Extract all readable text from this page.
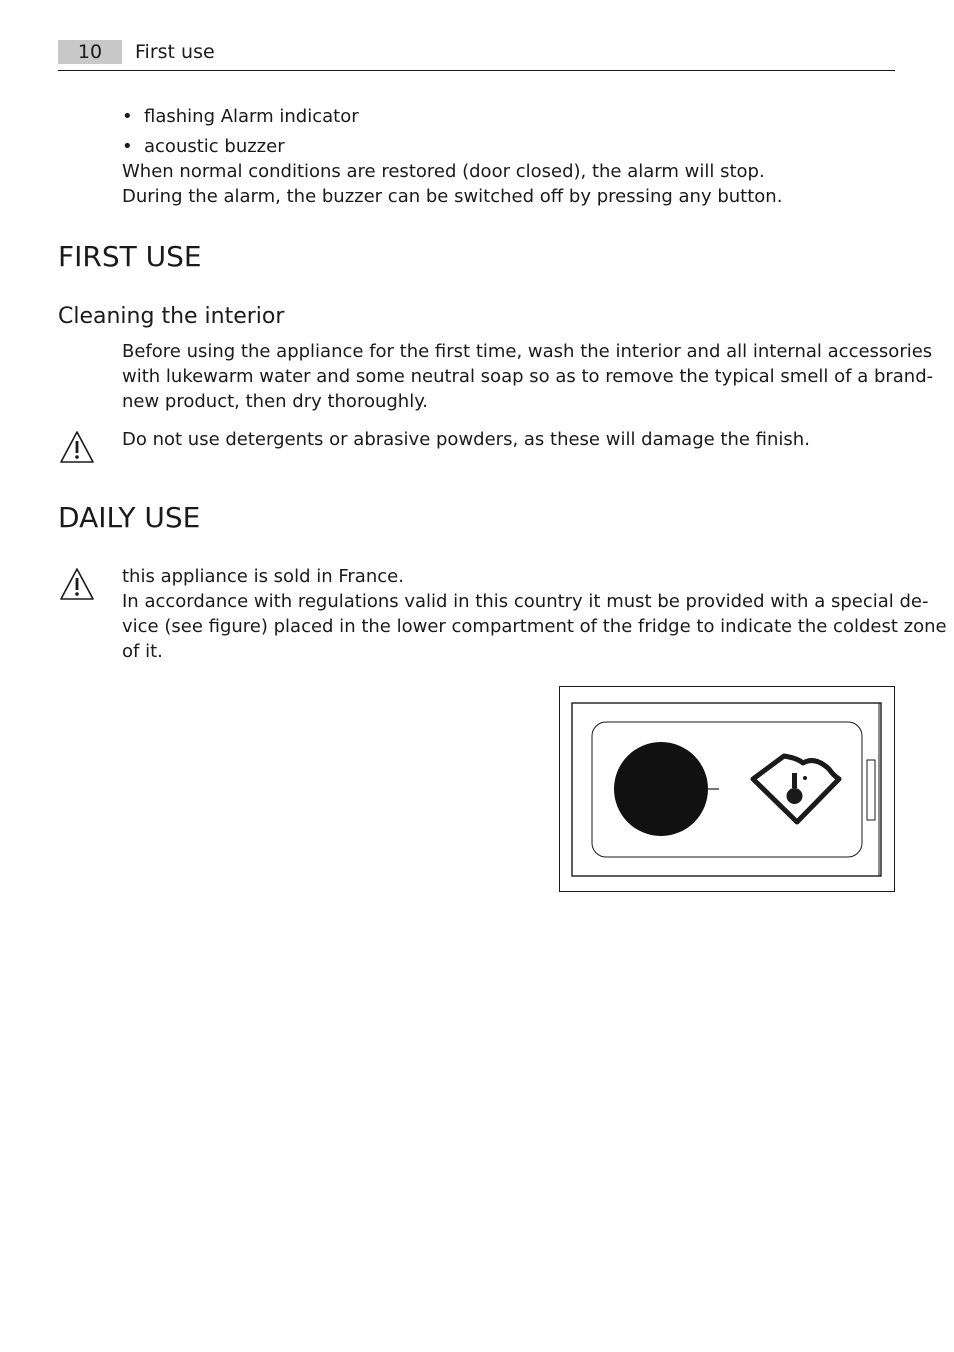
10	First use
• flashing Alarm indicator
• acoustic buzzer
When normal conditions are restored (door closed), the alarm will stop.
During the alarm, the buzzer can be switched off by pressing any button.
FIRST USE
Cleaning the interior
Before using the appliance for the first time, wash the interior and all internal accessories
with lukewarm water and some neutral soap so as to remove the typical smell of a brand-
new product, then dry thoroughly.
Do not use detergents or abrasive powders, as these will damage the finish.
DAILY USE
this appliance is sold in France.
In accordance with regulations valid in this country it must be provided with a special de-
vice (see figure) placed in the lower compartment of the fridge to indicate the coldest zone
of it.
